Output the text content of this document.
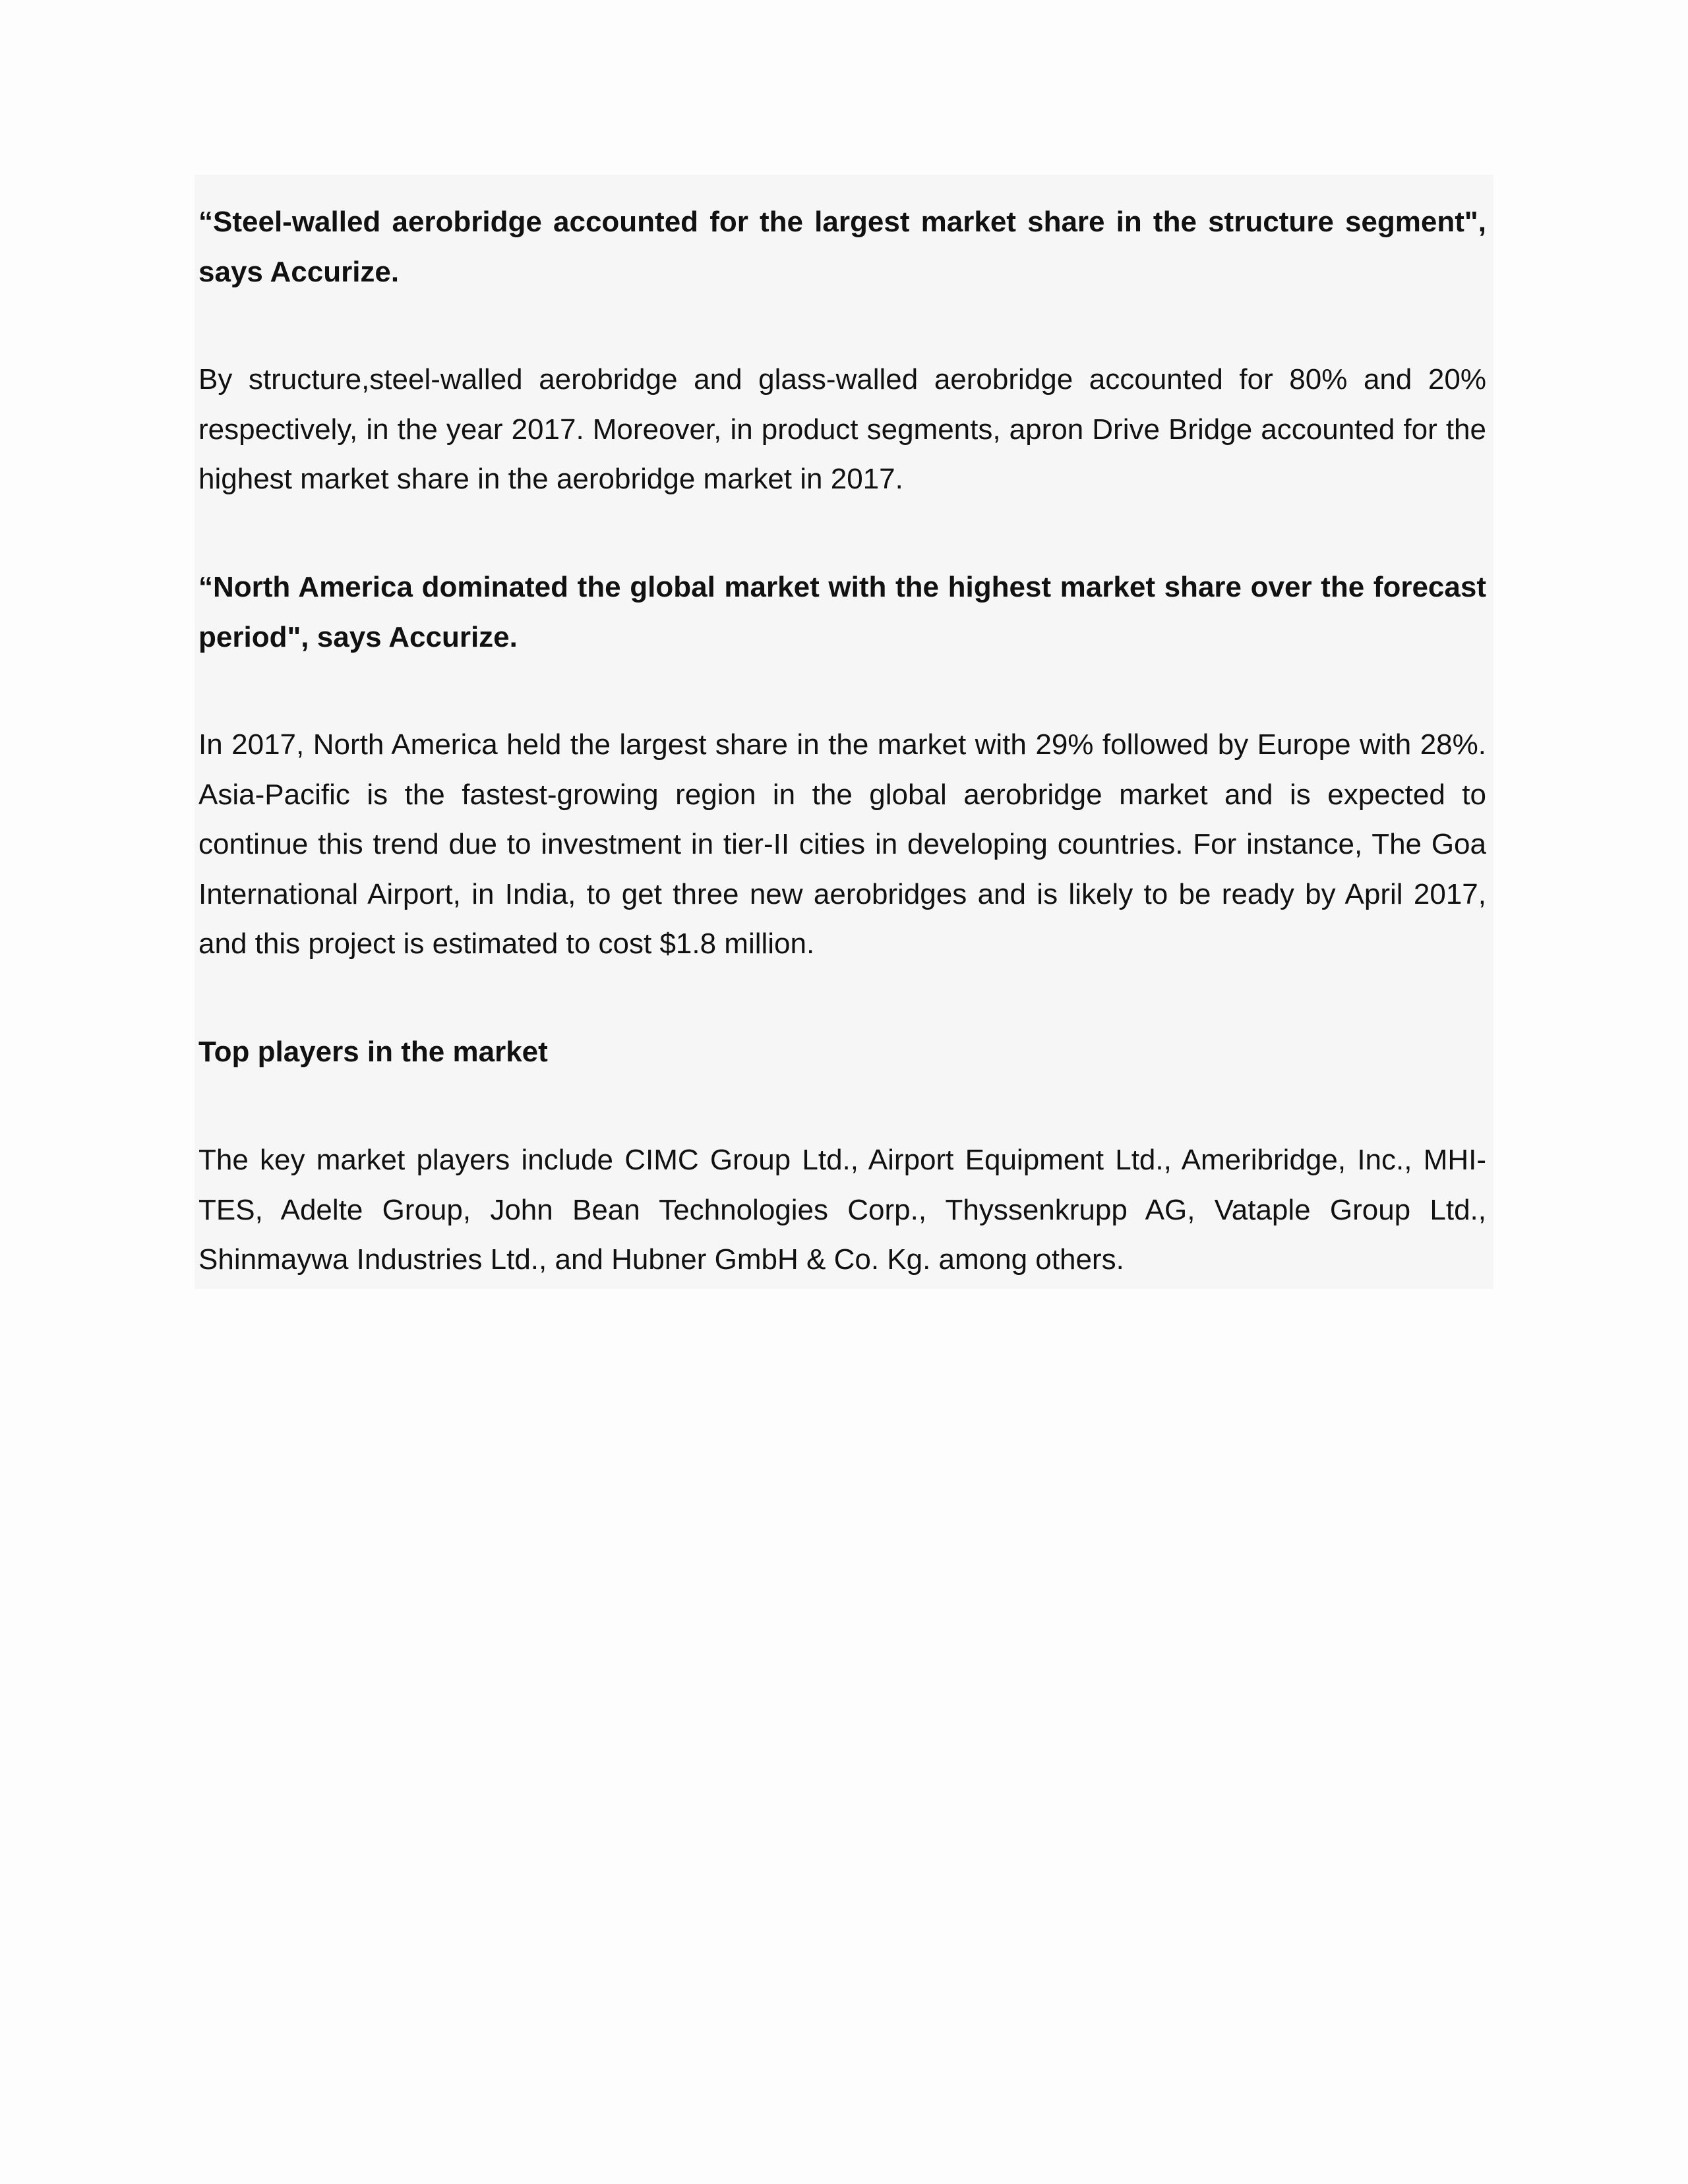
“Steel-walled aerobridge accounted for the largest market share in the structure segment", says Accurize.

By structure,steel-walled aerobridge and glass-walled aerobridge accounted for 80% and 20% respectively, in the year 2017. Moreover, in product segments, apron Drive Bridge accounted for the highest market share in the aerobridge market in 2017.

“North America dominated the global market with the highest market share over the forecast period", says Accurize.

In 2017, North America held the largest share in the market with 29% followed by Europe with 28%. Asia-Pacific is the fastest-growing region in the global aerobridge market and is expected to continue this trend due to investment in tier-II cities in developing countries. For instance, The Goa International Airport, in India, to get three new aerobridges and is likely to be ready by April 2017, and this project is estimated to cost $1.8 million.

Top players in the market

The key market players include CIMC Group Ltd., Airport Equipment Ltd., Ameribridge, Inc., MHI-TES, Adelte Group, John Bean Technologies Corp., Thyssenkrupp AG, Vataple Group Ltd., Shinmaywa Industries Ltd., and Hubner GmbH & Co. Kg. among others.
